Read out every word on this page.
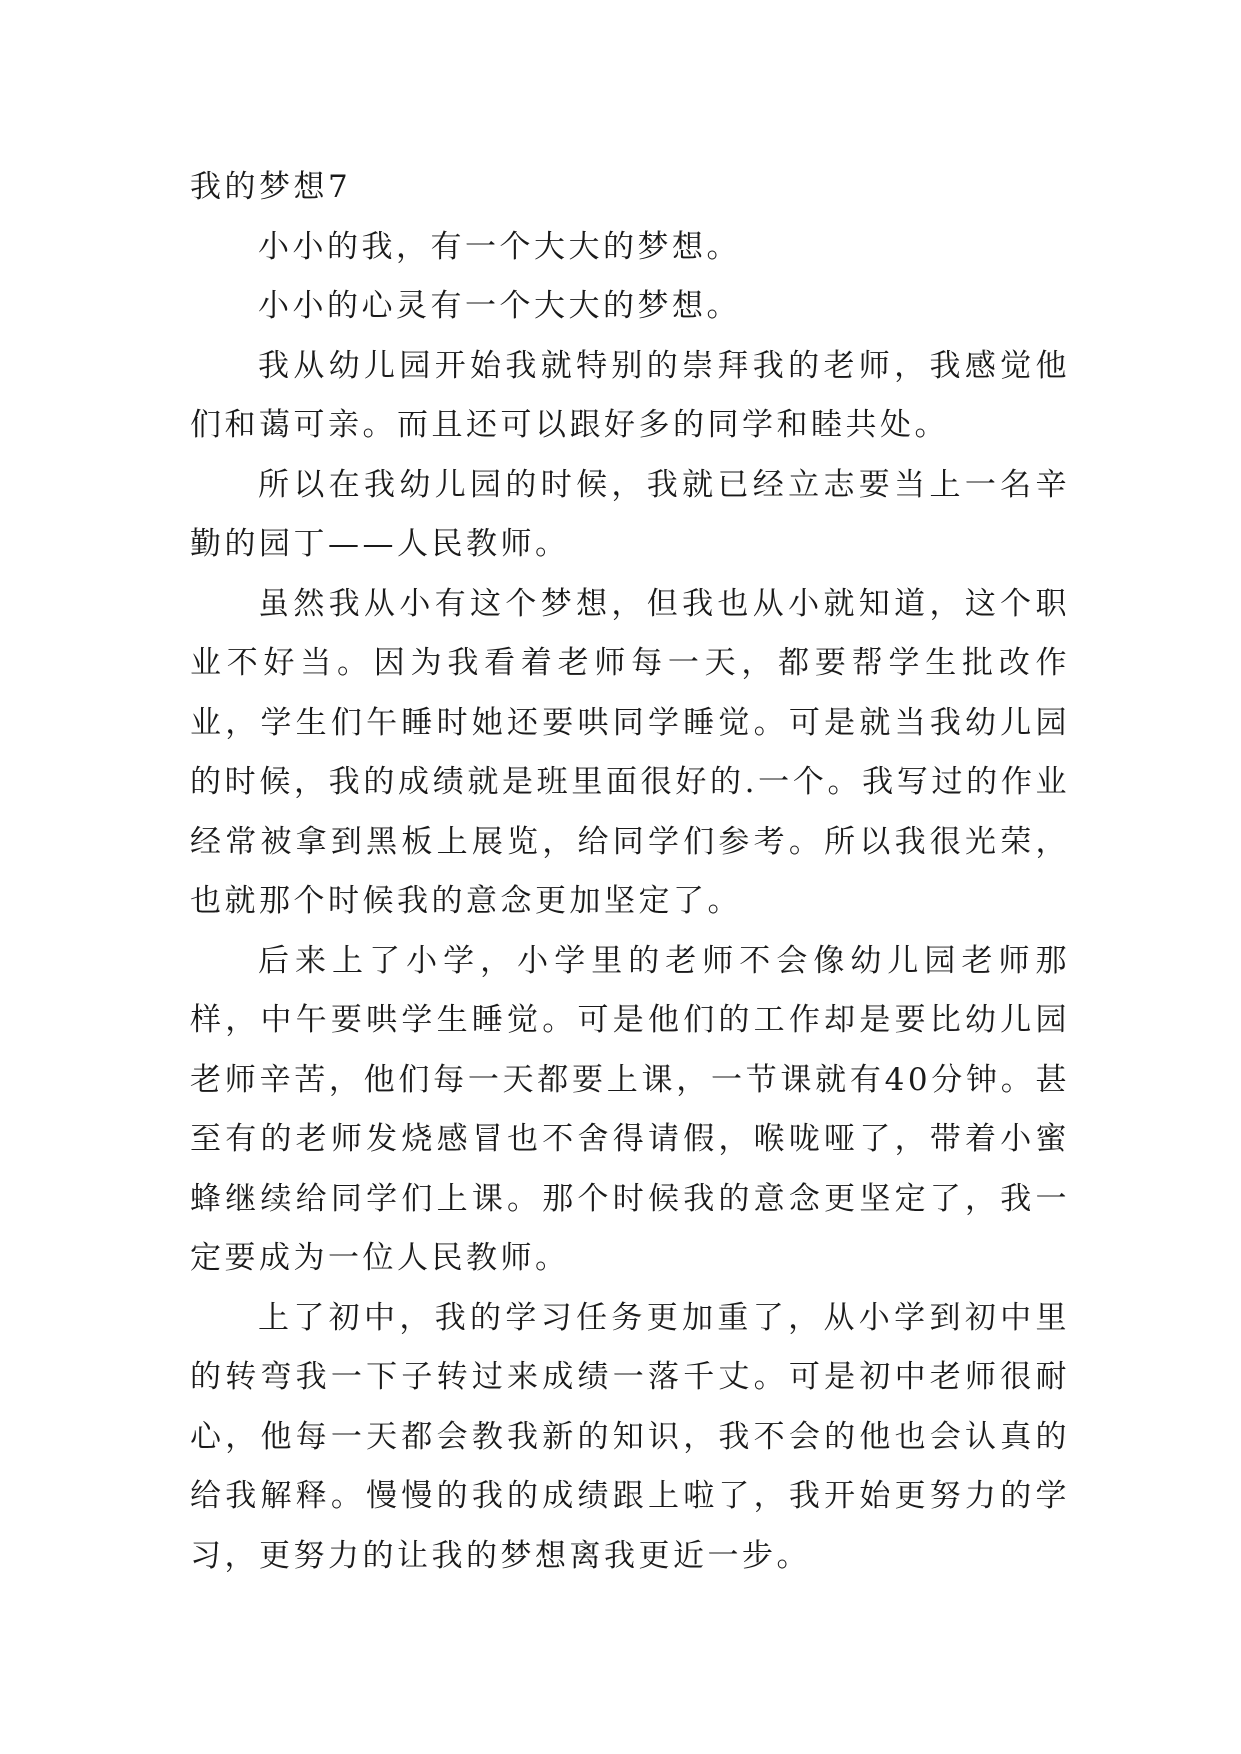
我的梦想7

小小的我，有一个大大的梦想。

小小的心灵有一个大大的梦想。

我从幼儿园开始我就特别的崇拜我的老师，我感觉他们和蔼可亲。而且还可以跟好多的同学和睦共处。

所以在我幼儿园的时候，我就已经立志要当上一名辛勤的园丁——人民教师。

虽然我从小有这个梦想，但我也从小就知道，这个职业不好当。因为我看着老师每一天，都要帮学生批改作业，学生们午睡时她还要哄同学睡觉。可是就当我幼儿园的时候，我的成绩就是班里面很好的.一个。我写过的作业经常被拿到黑板上展览，给同学们参考。所以我很光荣，也就那个时候我的意念更加坚定了。

后来上了小学，小学里的老师不会像幼儿园老师那样，中午要哄学生睡觉。可是他们的工作却是要比幼儿园老师辛苦，他们每一天都要上课，一节课就有40分钟。甚至有的老师发烧感冒也不舍得请假，喉咙哑了，带着小蜜蜂继续给同学们上课。那个时候我的意念更坚定了，我一定要成为一位人民教师。

上了初中，我的学习任务更加重了，从小学到初中里的转弯我一下子转过来成绩一落千丈。可是初中老师很耐心，他每一天都会教我新的知识，我不会的他也会认真的给我解释。慢慢的我的成绩跟上啦了，我开始更努力的学习，更努力的让我的梦想离我更近一步。
